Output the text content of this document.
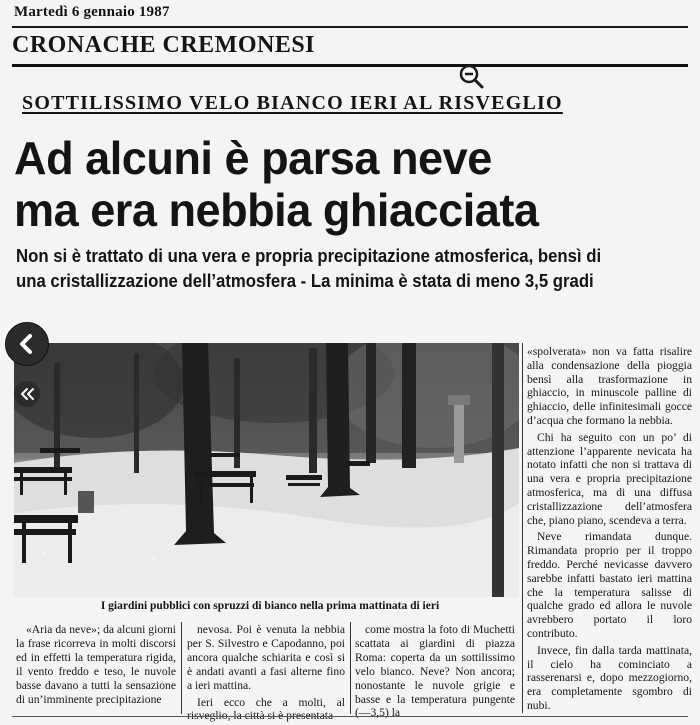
Martedì 6 gennaio 1987
CRONACHE CREMONESI
SOTTILISSIMO VELO BIANCO IERI AL RISVEGLIO
Ad alcuni è parsa neve
ma era nebbia ghiacciata
Non si è trattato di una vera e propria precipitazione atmosferica, bensì di
una cristallizzazione dell’atmosfera - La minima è stata di meno 3,5 gradi
I giardini pubblici con spruzzi di bianco nella prima mattinata di ieri

«Aria da neve»; da alcuni giorni la frase ricorreva in molti discorsi ed in effetti la temperatura rigida, il vento freddo e teso, le nuvole basse davano a tutti la sensazione di un’imminente precipitazione

nevosa. Poi è venuta la nebbia per S. Silvestro e Capodanno, poi ancora qualche schiarita e così si è andati avanti a fasi alterne fino a ieri mattina.

Ieri ecco che a molti, al risveglio, la città si è presentata

come mostra la foto di Muchetti scattata ai giardini di piazza Roma: coperta da un sottilissimo velo bianco. Neve? Non ancora; nonostante le nuvole grigie e basse e la temperatura pungente (—3,5) la

«spolverata» non va fatta risalire alla condensazione della pioggia bensì alla trasformazione in ghiaccio, in minuscole palline di ghiaccio, delle infinitesimali gocce d’acqua che formano la nebbia.

Chi ha seguito con un po’ di attenzione l’apparente nevicata ha notato infatti che non si trattava di una vera e propria precipitazione atmosferica, ma di una diffusa cristallizzazione dell’atmosfera che, piano piano, scendeva a terra.

Neve rimandata dunque. Rimandata proprio per il troppo freddo. Perché nevicasse davvero sarebbe infatti bastato ieri mattina che la temperatura salisse di qualche grado ed allora le nuvole avrebbero portato il loro contributo.

Invece, fin dalla tarda mattinata, il cielo ha cominciato a rasserenarsi e, dopo mezzogiorno, era completamente sgombro di nubi.
